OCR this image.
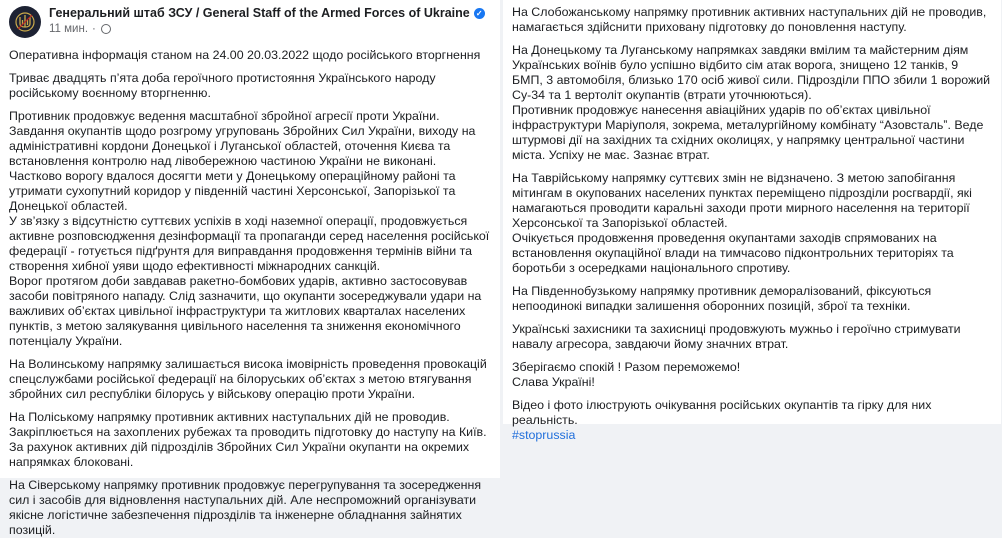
Генеральний штаб ЗСУ / General Staff of the Armed Forces of Ukraine ✓
11 мин. ·

Оперативна інформація станом на 24.00 20.03.2022 щодо російського вторгнення

Триває двадцять п’ята доба героїчного протистояння Українського народу російському воєнному вторгненню.

Противник продовжує ведення масштабної збройної агресії проти України. Завдання окупантів щодо розгрому угруповань Збройних Сил України, виходу на адміністративні кордони Донецької і Луганської областей, оточення Києва та встановлення контролю над лівобережною частиною України не виконані. Частково ворогу вдалося досягти мети у Донецькому операційному районі та утримати сухопутний коридор у південній частині Херсонської, Запорізької та Донецької областей.

У зв’язку з відсутністю суттєвих успіхів в ході наземної операції, продовжується активне розповсюдження дезінформації та пропаганди серед населення російської федерації - готується підґрунтя для виправдання продовження термінів війни та створення хибної уяви щодо ефективності міжнародних санкцій.

Ворог протягом доби завдавав ракетно-бомбових ударів, активно застосовував засоби повітряного нападу. Слід зазначити, що окупанти зосереджували удари на важливих об’єктах цивільної інфраструктури та житлових кварталах населених пунктів, з метою залякування цивільного населення та зниження економічного потенціалу України.

На Волинському напрямку залишається висока імовірність проведення провокацій спецслужбами російської федерації на білоруських об’єктах з метою втягування збройних сил республіки білорусь у військову операцію проти України.

На Поліському напрямку противник активних наступальних дій не проводив. Закріплюється на захоплених рубежах та проводить підготовку до наступу на Київ. За рахунок активних дій підрозділів Збройних Сил України окупанти на окремих напрямках блоковані.

На Сіверському напрямку противник продовжує перегрупування та зосередження сил і засобів для відновлення наступальних дій. Але неспроможний організувати якісне логістичне забезпечення підрозділів та інженерне обладнання зайнятих позицій.

На Слобожанському напрямку противник активних наступальних дій не проводив, намагається здійснити приховану підготовку до поновлення наступу.

На Донецькому та Луганському напрямках завдяки вмілим та майстерним діям Українських воїнів було успішно відбито сім атак ворога, знищено 12 танків, 9 БМП, 3 автомобіля, близько 170 осіб живої сили. Підрозділи ППО збили 1 ворожий Су-34 та 1 вертоліт окупантів (втрати уточнюються).

Противник продовжує нанесення авіаційних ударів по об’єктах цивільної інфраструктури Маріуполя, зокрема, металургійному комбінату “Азовстальˮ. Веде штурмові дії на західних та східних околицях, у напрямку центральної частини міста. Успіху не має. Зазнає втрат.

На Таврійському напрямку суттєвих змін не відзначено. З метою запобігання мітингам в окупованих населених пунктах переміщено підрозділи росгвардії, які намагаються проводити каральні заходи проти мирного населення на території Херсонської та Запорізької областей.

Очікується продовження проведення окупантами заходів спрямованих на встановлення окупаційної влади на тимчасово підконтрольних територіях та боротьби з осередками національного спротиву.

На Південнобузькому напрямку противник деморалізований, фіксуються непоодинокі випадки залишення оборонних позицій, зброї та техніки.

Українські захисники та захисниці продовжують мужньо і героїчно стримувати навалу агресора, завдаючи йому значних втрат.

Зберігаємо спокій ! Разом переможемо!

Слава Україні!

Відео і фото ілюструють очікування російських окупантів та гірку для них реальність.

#stoprussia
